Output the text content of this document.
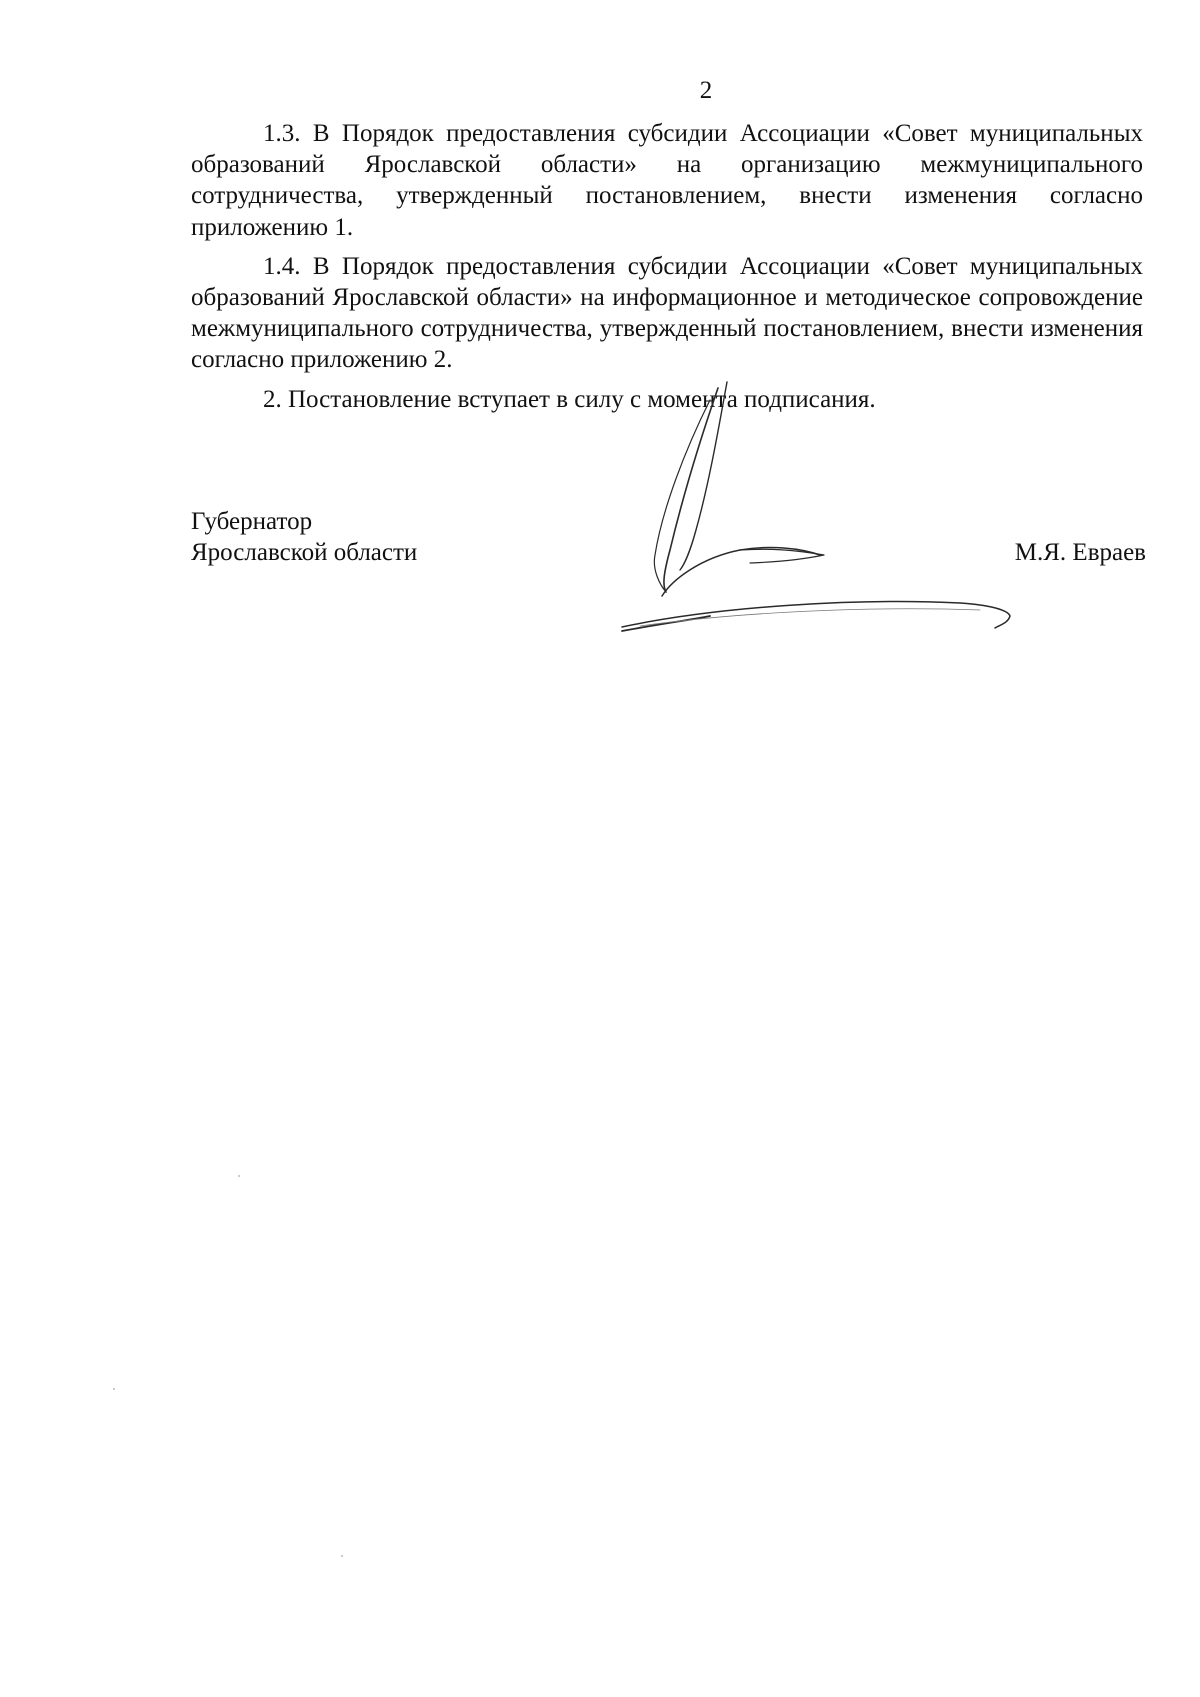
2

1.3. В Порядок предоставления субсидии Ассоциации «Совет муниципальных образований Ярославской области» на организацию межмуниципального сотрудничества, утвержденный постановлением, внести изменения согласно приложению 1.

1.4. В Порядок предоставления субсидии Ассоциации «Совет муниципальных образований Ярославской области» на информационное и методическое сопровождение межмуниципального сотрудничества, утвержденный постановлением, внести изменения согласно приложению 2.

2. Постановление вступает в силу с момента подписания.

Губернатор
Ярославской области	М.Я. Евраев
